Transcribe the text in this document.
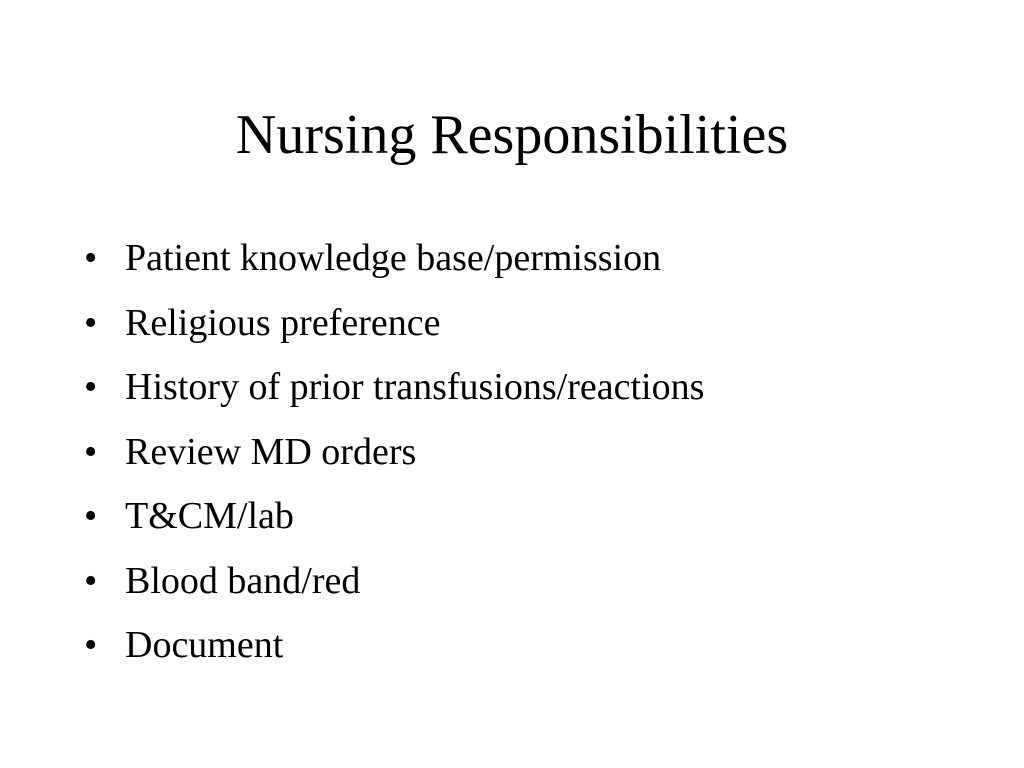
Nursing Responsibilities
• Patient knowledge base/permission
• Religious preference
• History of prior transfusions/reactions
• Review MD orders
• T&CM/lab
• Blood band/red
• Document
